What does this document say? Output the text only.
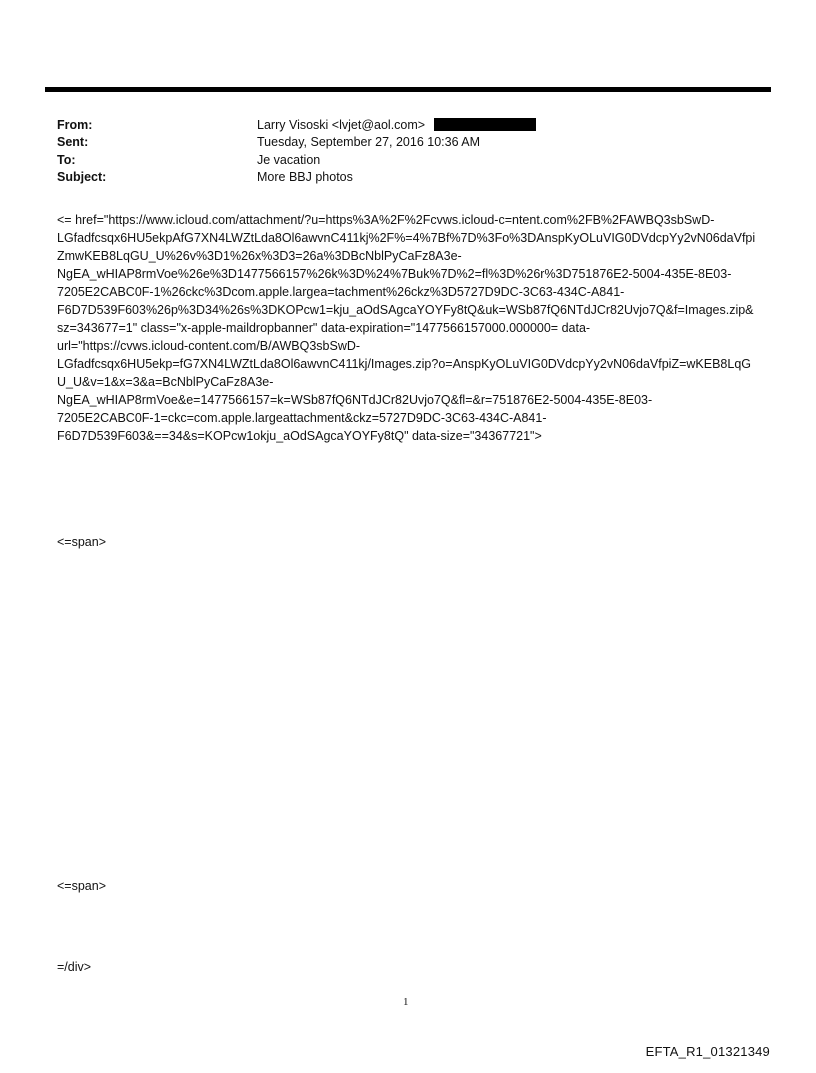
From:	Larry Visoski <lvjet@aol.com>
Sent:	Tuesday, September 27, 2016 10:36 AM
To:	Je vacation
Subject:	More BBJ photos
<= href="https://www.icloud.com/attachment/?u=https%3A%2F%2Fcvws.icloud-c=ntent.com%2FB%2FAWBQ3sbSwD-
LGfadfcsqx6HU5ekpAfG7XN4LWZtLda8Ol6awvnC411kj%2F%=4%7Bf%7D%3Fo%3DAnspKyOLuVIG0DVdcpYy2vN06daVfpi
ZmwKEB8LqGU_U%26v%3D1%26x%3D3=26a%3DBcNblPyCaFz8A3e-
NgEA_wHIAP8rmVoe%26e%3D1477566157%26k%3D%24%7Buk%7D%2=fl%3D%26r%3D751876E2-5004-435E-8E03-
7205E2CABC0F-1%26ckc%3Dcom.apple.largea=tachment%26ckz%3D5727D9DC-3C63-434C-A841-
F6D7D539F603%26p%3D34%26s%3DKOPcw1=kju_aOdSAgcaYOYFy8tQ&uk=WSb87fQ6NTdJCr82Uvjo7Q&f=Images.zip&
sz=343677=1" class="x-apple-maildropbanner" data-expiration="1477566157000.000000= data-
url="https://cvws.icloud-content.com/B/AWBQ3sbSwD-
LGfadfcsqx6HU5ekp=fG7XN4LWZtLda8Ol6awvnC411kj/Images.zip?o=AnspKyOLuVIG0DVdcpYy2vN06daVfpiZ=wKEB8LqG
U_U&v=1&x=3&a=BcNblPyCaFz8A3e-
NgEA_wHIAP8rmVoe&e=1477566157=k=WSb87fQ6NTdJCr82Uvjo7Q&fl=&r=751876E2-5004-435E-8E03-
7205E2CABC0F-1=ckc=com.apple.largeattachment&ckz=5727D9DC-3C63-434C-A841-
F6D7D539F603&==34&s=KOPcw1okju_aOdSAgcaYOYFy8tQ" data-size="34367721">
<=span>
<=span>
=/div>
1
EFTA_R1_01321349
